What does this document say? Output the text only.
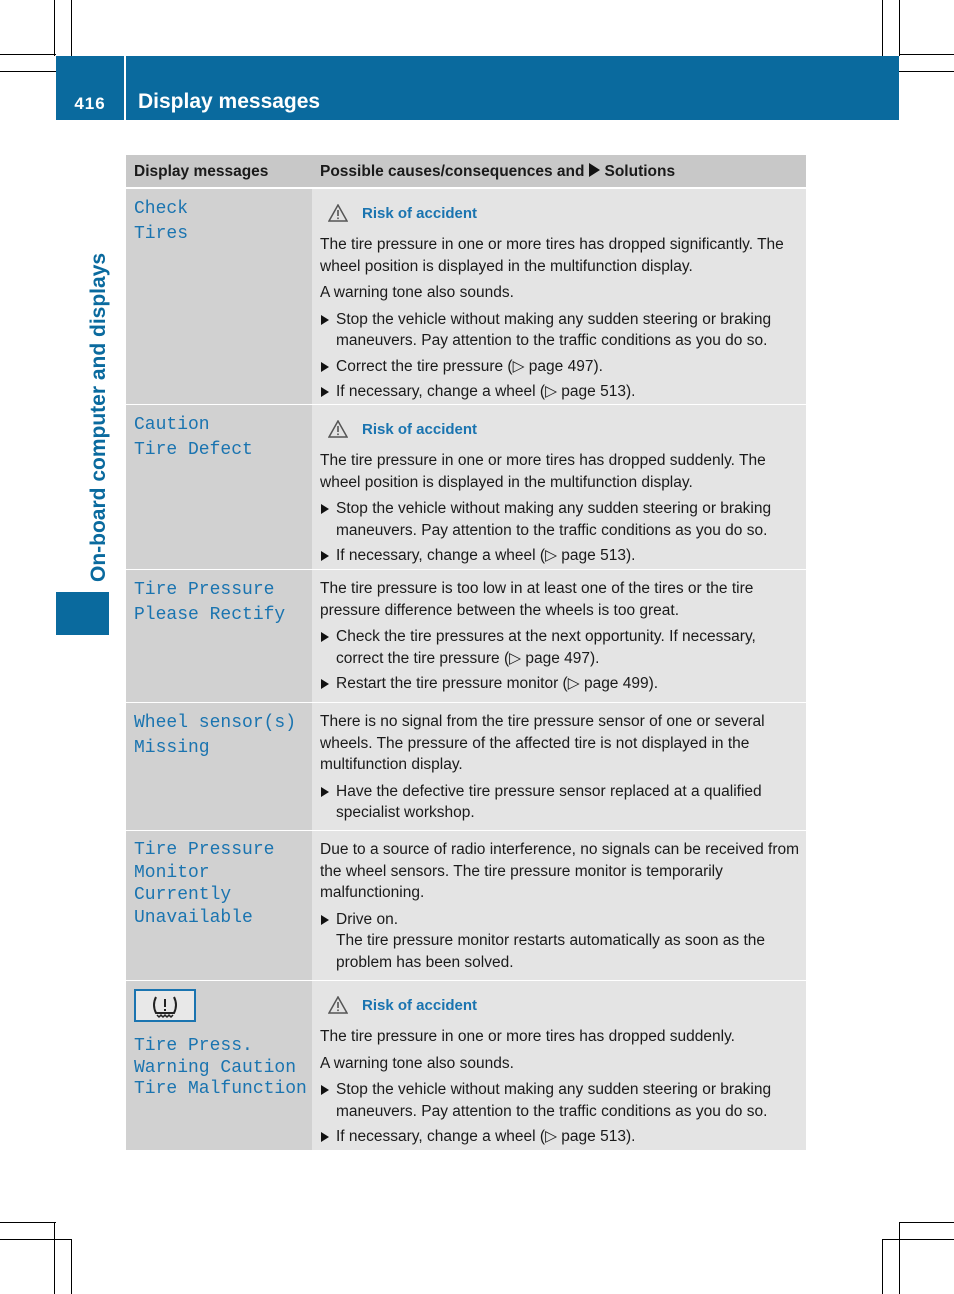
416	Display messages
On-board computer and displays
Display messages	Possible causes/consequences and Solutions
Check
Tires
Risk of accident
The tire pressure in one or more tires has dropped significantly. The wheel position is displayed in the multifunction display.
A warning tone also sounds.
Stop the vehicle without making any sudden steering or braking maneuvers. Pay attention to the traffic conditions as you do so.
Correct the tire pressure (▷ page 497).
If necessary, change a wheel (▷ page 513).
Caution
Tire Defect
Risk of accident
The tire pressure in one or more tires has dropped suddenly. The wheel position is displayed in the multifunction display.
Stop the vehicle without making any sudden steering or braking maneuvers. Pay attention to the traffic conditions as you do so.
If necessary, change a wheel (▷ page 513).
Tire Pressure
Please Rectify
The tire pressure is too low in at least one of the tires or the tire pressure difference between the wheels is too great.
Check the tire pressures at the next opportunity. If necessary, correct the tire pressure (▷ page 497).
Restart the tire pressure monitor (▷ page 499).
Wheel sensor(s)
Missing
There is no signal from the tire pressure sensor of one or several wheels. The pressure of the affected tire is not displayed in the multifunction display.
Have the defective tire pressure sensor replaced at a qualified specialist workshop.
Tire Pressure
Monitor
Currently
Unavailable
Due to a source of radio interference, no signals can be received from the wheel sensors. The tire pressure monitor is temporarily malfunctioning.
Drive on.
The tire pressure monitor restarts automatically as soon as the problem has been solved.
Tire Press.
Warning Caution
Tire Malfunction
Risk of accident
The tire pressure in one or more tires has dropped suddenly.
A warning tone also sounds.
Stop the vehicle without making any sudden steering or braking maneuvers. Pay attention to the traffic conditions as you do so.
If necessary, change a wheel (▷ page 513).
